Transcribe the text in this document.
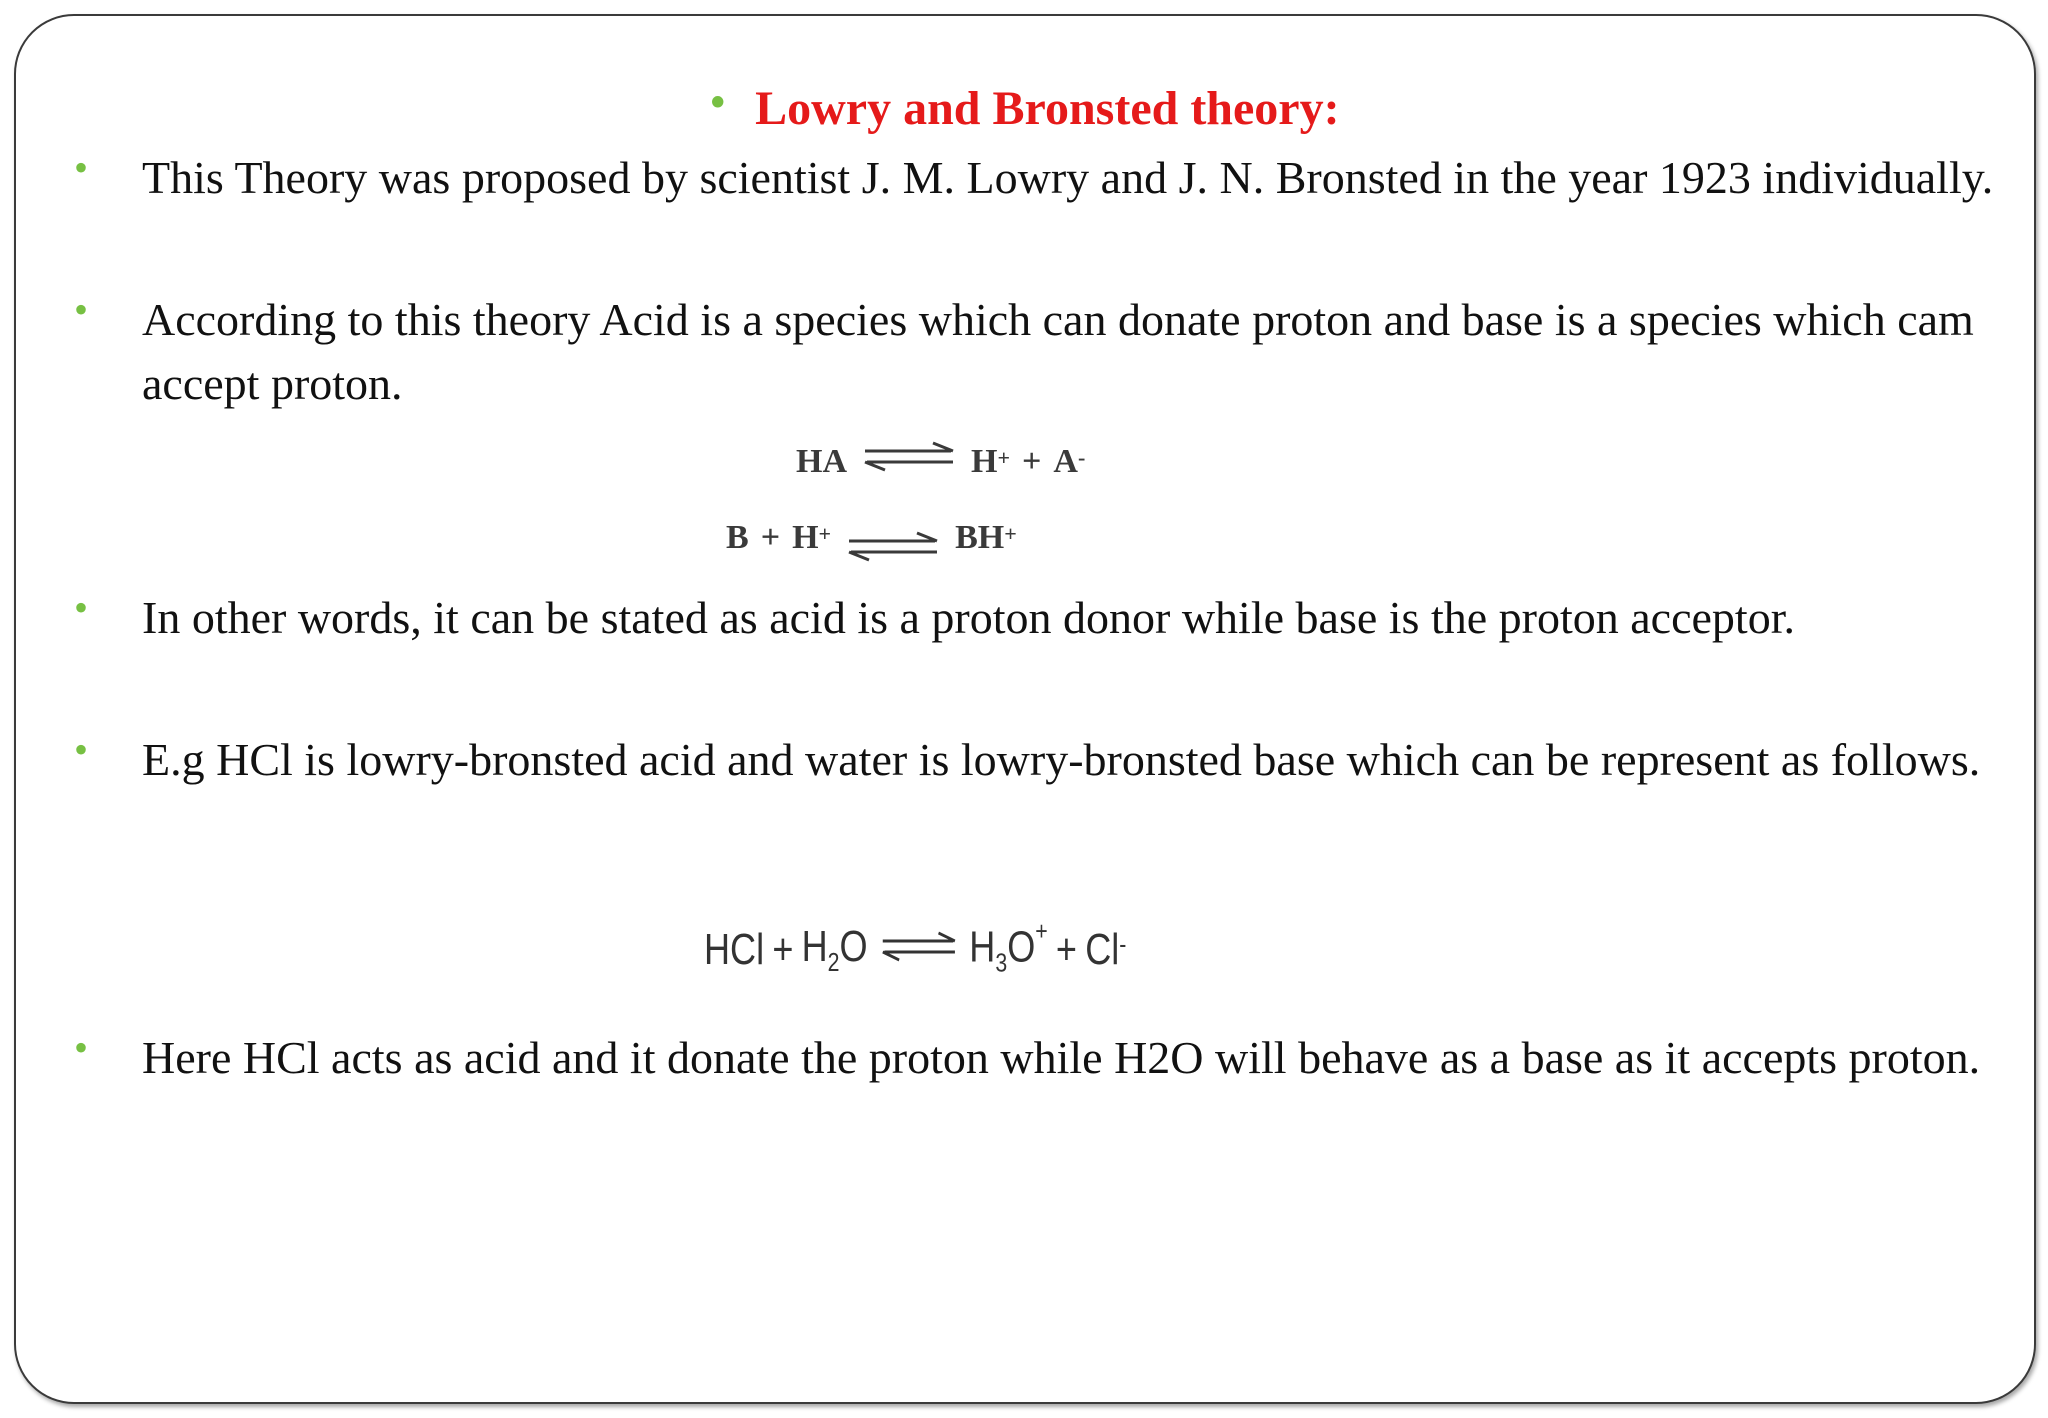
• Lowry and Bronsted theory:
•	This Theory was proposed by scientist J. M. Lowry and J. N. Bronsted in the year 1923 individually.
•	According to this theory Acid is a species which can donate proton and base is a species which cam accept proton.
HA ⇌ H+ + A-
B + H+ ⇌ BH+
•	In other words, it can be stated as acid is a proton donor while base is the proton acceptor.
•	E.g HCl is lowry-bronsted acid and water is lowry-bronsted base which can be represent as follows.
HCl + $H_2O$ ⇌ $H_3O^+ + Cl^-$
•	Here HCl acts as acid and it donate the proton while H2O will behave as a base as it accepts proton.
